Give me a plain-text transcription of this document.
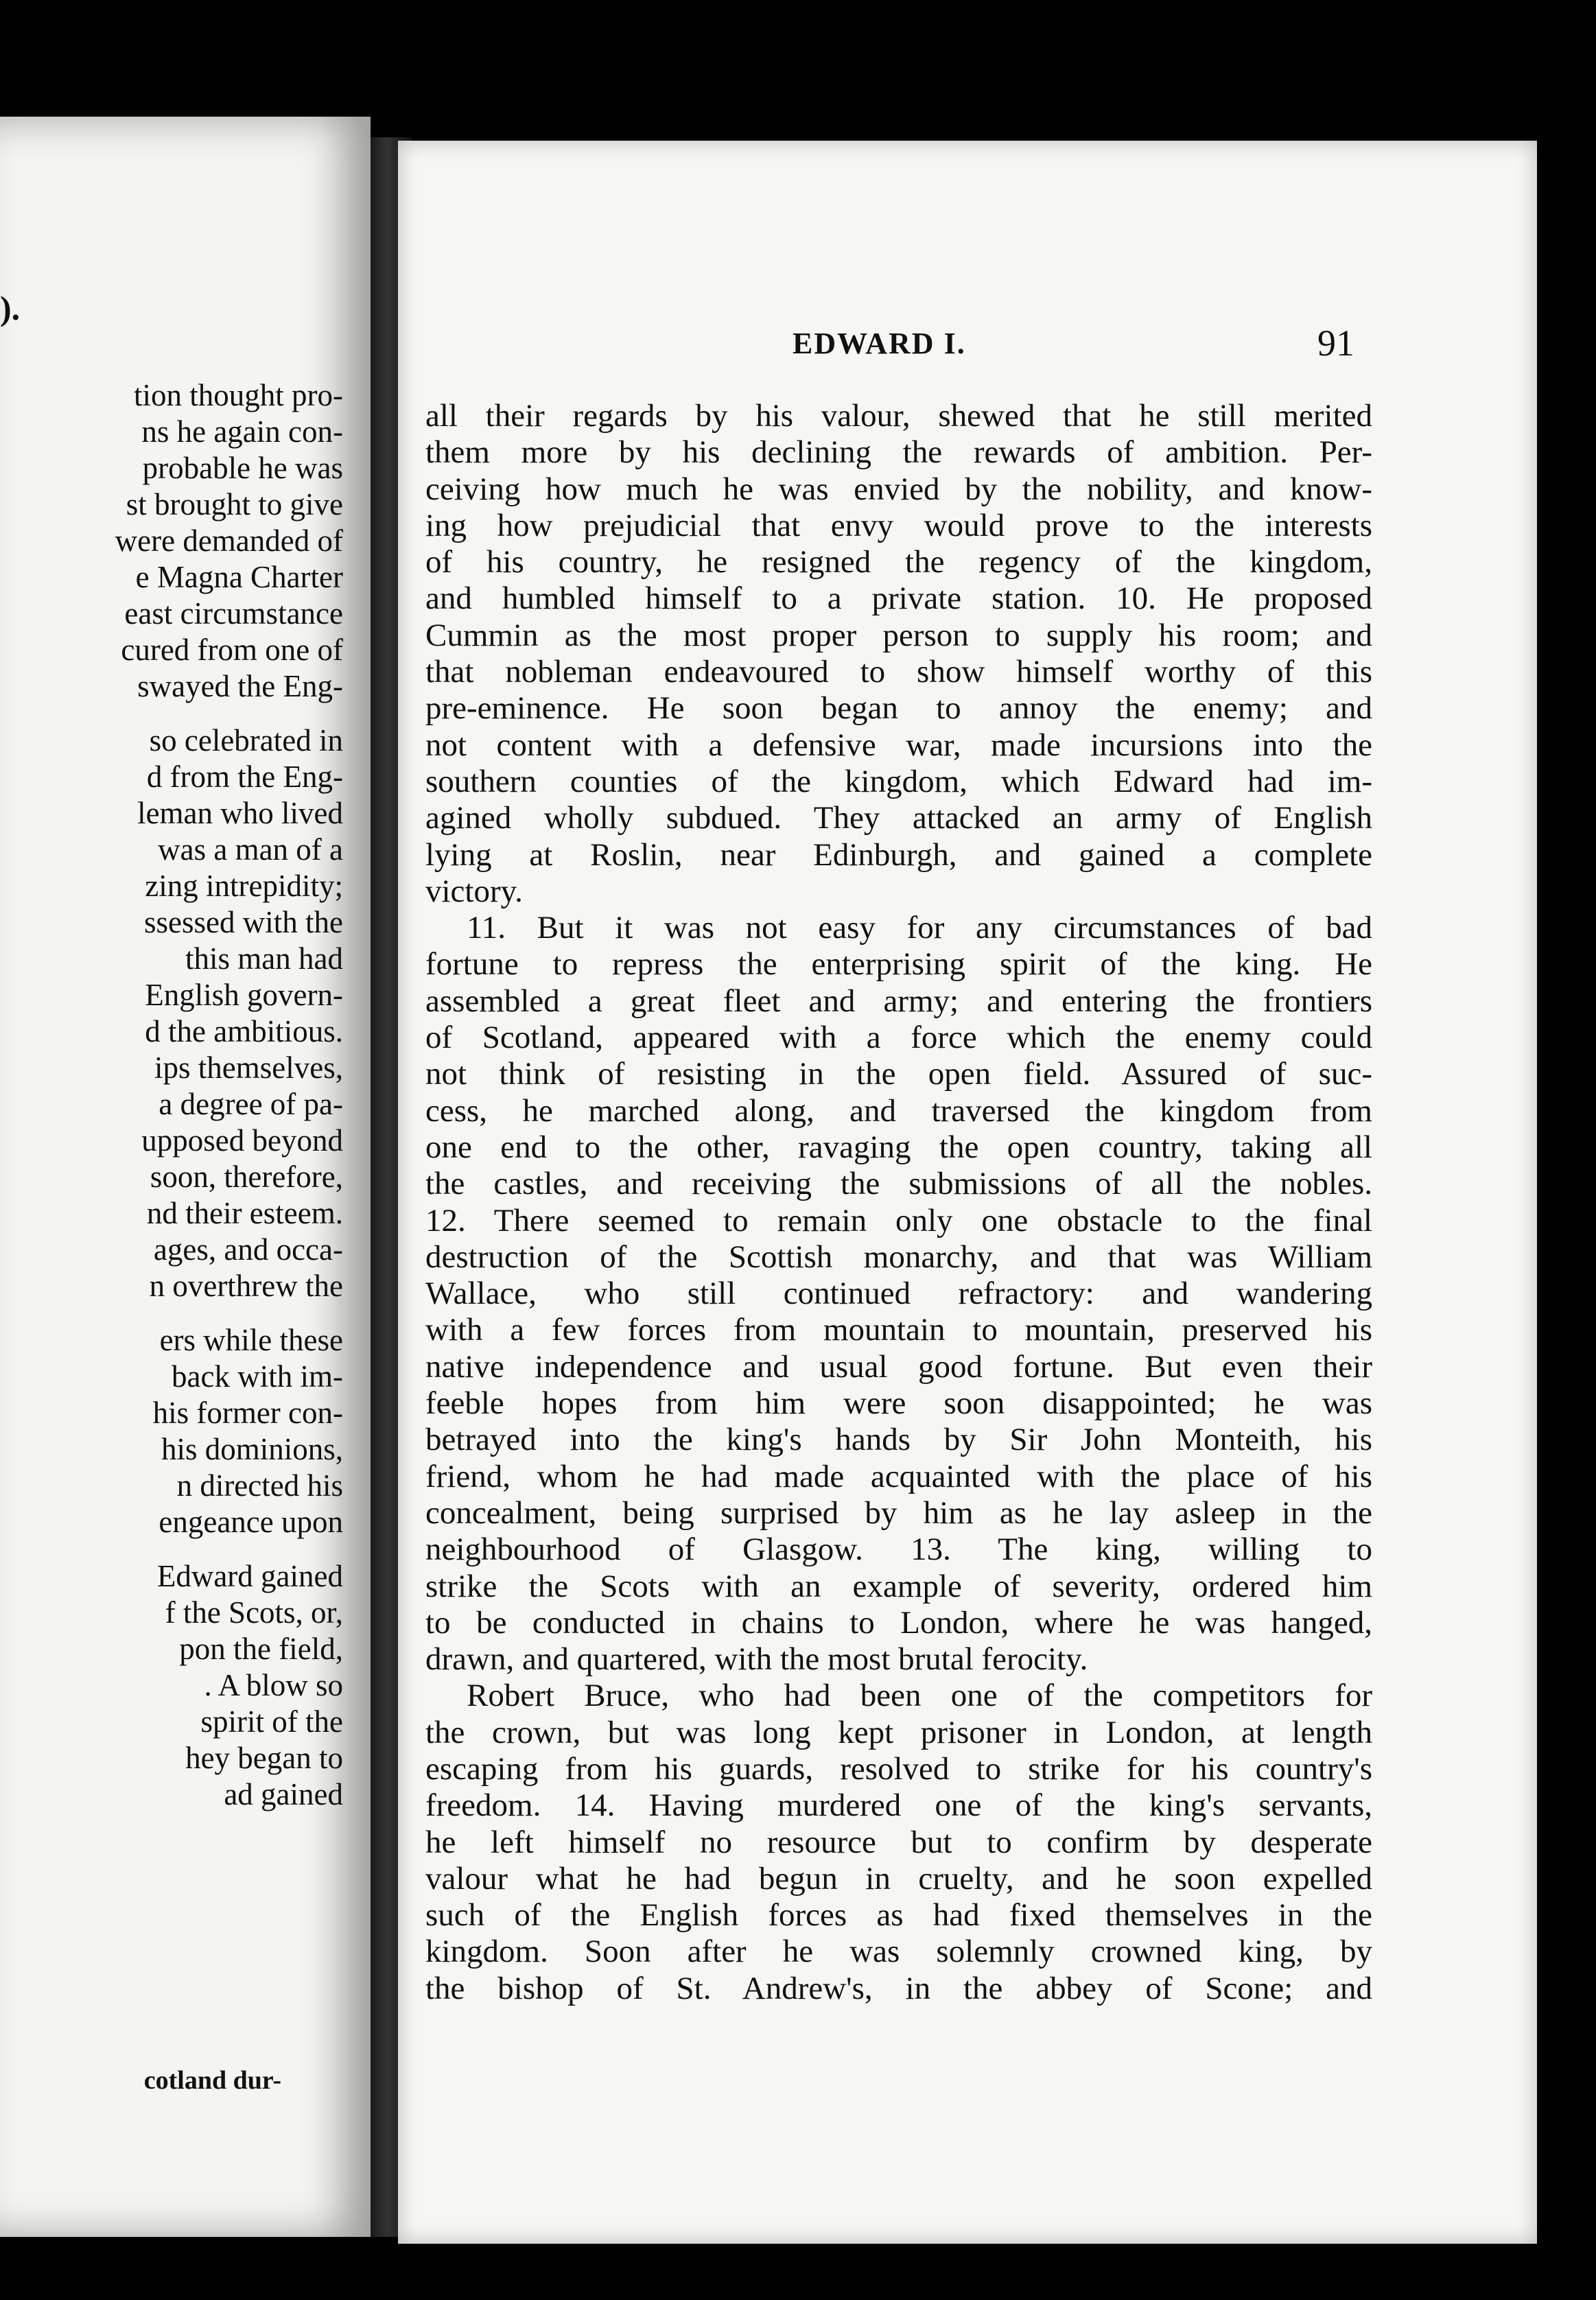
).
tion thought pro-
ns he again con-
probable he was
st brought to give
were demanded of
e Magna Charter
east circumstance
cured from one of
swayed the Eng-
so celebrated in
d from the Eng-
leman who lived
was a man of a
zing intrepidity;
ssessed with the
this man had
English govern-
d the ambitious.
ips themselves,
a degree of pa-
upposed beyond
soon, therefore,
nd their esteem.
ages, and occa-
n overthrew the
ers while these
back with im-
his former con-
his dominions,
n directed his
engeance upon
Edward gained
f the Scots, or,
pon the field,
. A blow so
spirit of the
hey began to
ad gained
cotland dur-
EDWARD I.	91
all their regards by his valour, shewed that he still merited
them more by his declining the rewards of ambition. Per-
ceiving how much he was envied by the nobility, and know-
ing how prejudicial that envy would prove to the interests
of his country, he resigned the regency of the kingdom,
and humbled himself to a private station. 10. He proposed
Cummin as the most proper person to supply his room; and
that nobleman endeavoured to show himself worthy of this
pre-eminence. He soon began to annoy the enemy; and
not content with a defensive war, made incursions into the
southern counties of the kingdom, which Edward had im-
agined wholly subdued. They attacked an army of English
lying at Roslin, near Edinburgh, and gained a complete
victory.
11. But it was not easy for any circumstances of bad
fortune to repress the enterprising spirit of the king. He
assembled a great fleet and army; and entering the frontiers
of Scotland, appeared with a force which the enemy could
not think of resisting in the open field. Assured of suc-
cess, he marched along, and traversed the kingdom from
one end to the other, ravaging the open country, taking all
the castles, and receiving the submissions of all the nobles.
12. There seemed to remain only one obstacle to the final
destruction of the Scottish monarchy, and that was William
Wallace, who still continued refractory: and wandering
with a few forces from mountain to mountain, preserved his
native independence and usual good fortune. But even their
feeble hopes from him were soon disappointed; he was
betrayed into the king's hands by Sir John Monteith, his
friend, whom he had made acquainted with the place of his
concealment, being surprised by him as he lay asleep in the
neighbourhood of Glasgow. 13. The king, willing to
strike the Scots with an example of severity, ordered him
to be conducted in chains to London, where he was hanged,
drawn, and quartered, with the most brutal ferocity.
Robert Bruce, who had been one of the competitors for
the crown, but was long kept prisoner in London, at length
escaping from his guards, resolved to strike for his country's
freedom. 14. Having murdered one of the king's servants,
he left himself no resource but to confirm by desperate
valour what he had begun in cruelty, and he soon expelled
such of the English forces as had fixed themselves in the
kingdom. Soon after he was solemnly crowned king, by
the bishop of St. Andrew's, in the abbey of Scone; and
